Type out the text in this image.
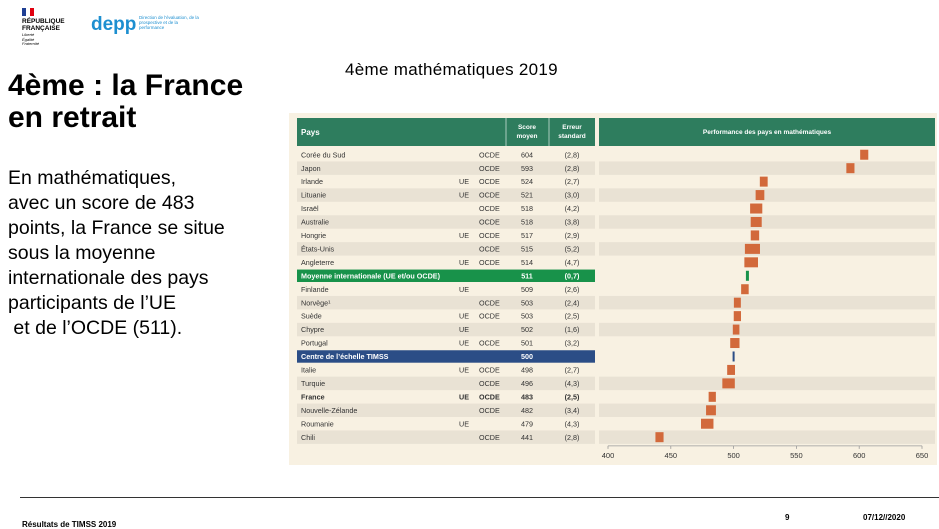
RÉPUBLIQUE
FRANÇAISE
Liberté
Égalité
Fraternité
depp Direction de l'évaluation, de la prospective et de la performance
4ème : la France
en retrait
4ème mathématiques 2019
En mathématiques,
avec un score de 483
points, la France se situe
sous la moyenne
internationale des pays
participants de l’UE
et de l’OCDE (511).
Pays
Score
moyen
Erreur
standard
Performance des pays en mathématiques
Corée du Sud	OCDE	604	(2,8)
Japon	OCDE	593	(2,8)
Irlande	UE OCDE	524	(2,7)
Lituanie	UE OCDE	521	(3,0)
Israël	OCDE	518	(4,2)
Australie	OCDE	518	(3,8)
Hongrie	UE OCDE	517	(2,9)
États-Unis	OCDE	515	(5,2)
Angleterre	UE OCDE	514	(4,7)
Moyenne internationale (UE et/ou OCDE)	511	(0,7)
Finlande	UE	509	(2,6)
Norvège¹	OCDE	503	(2,4)
Suède	UE OCDE	503	(2,5)
Chypre	UE	502	(1,6)
Portugal	UE OCDE	501	(3,2)
Centre de l’échelle TIMSS	500
Italie	UE OCDE	498	(2,7)
Turquie	OCDE	496	(4,3)
France	UE OCDE	483	(2,5)
Nouvelle-Zélande	OCDE	482	(3,4)
Roumanie	UE	479	(4,3)
Chili	OCDE	441	(2,8)
400	450	500	550	600	650
Résultats de TIMSS 2019
9	07/12//2020
